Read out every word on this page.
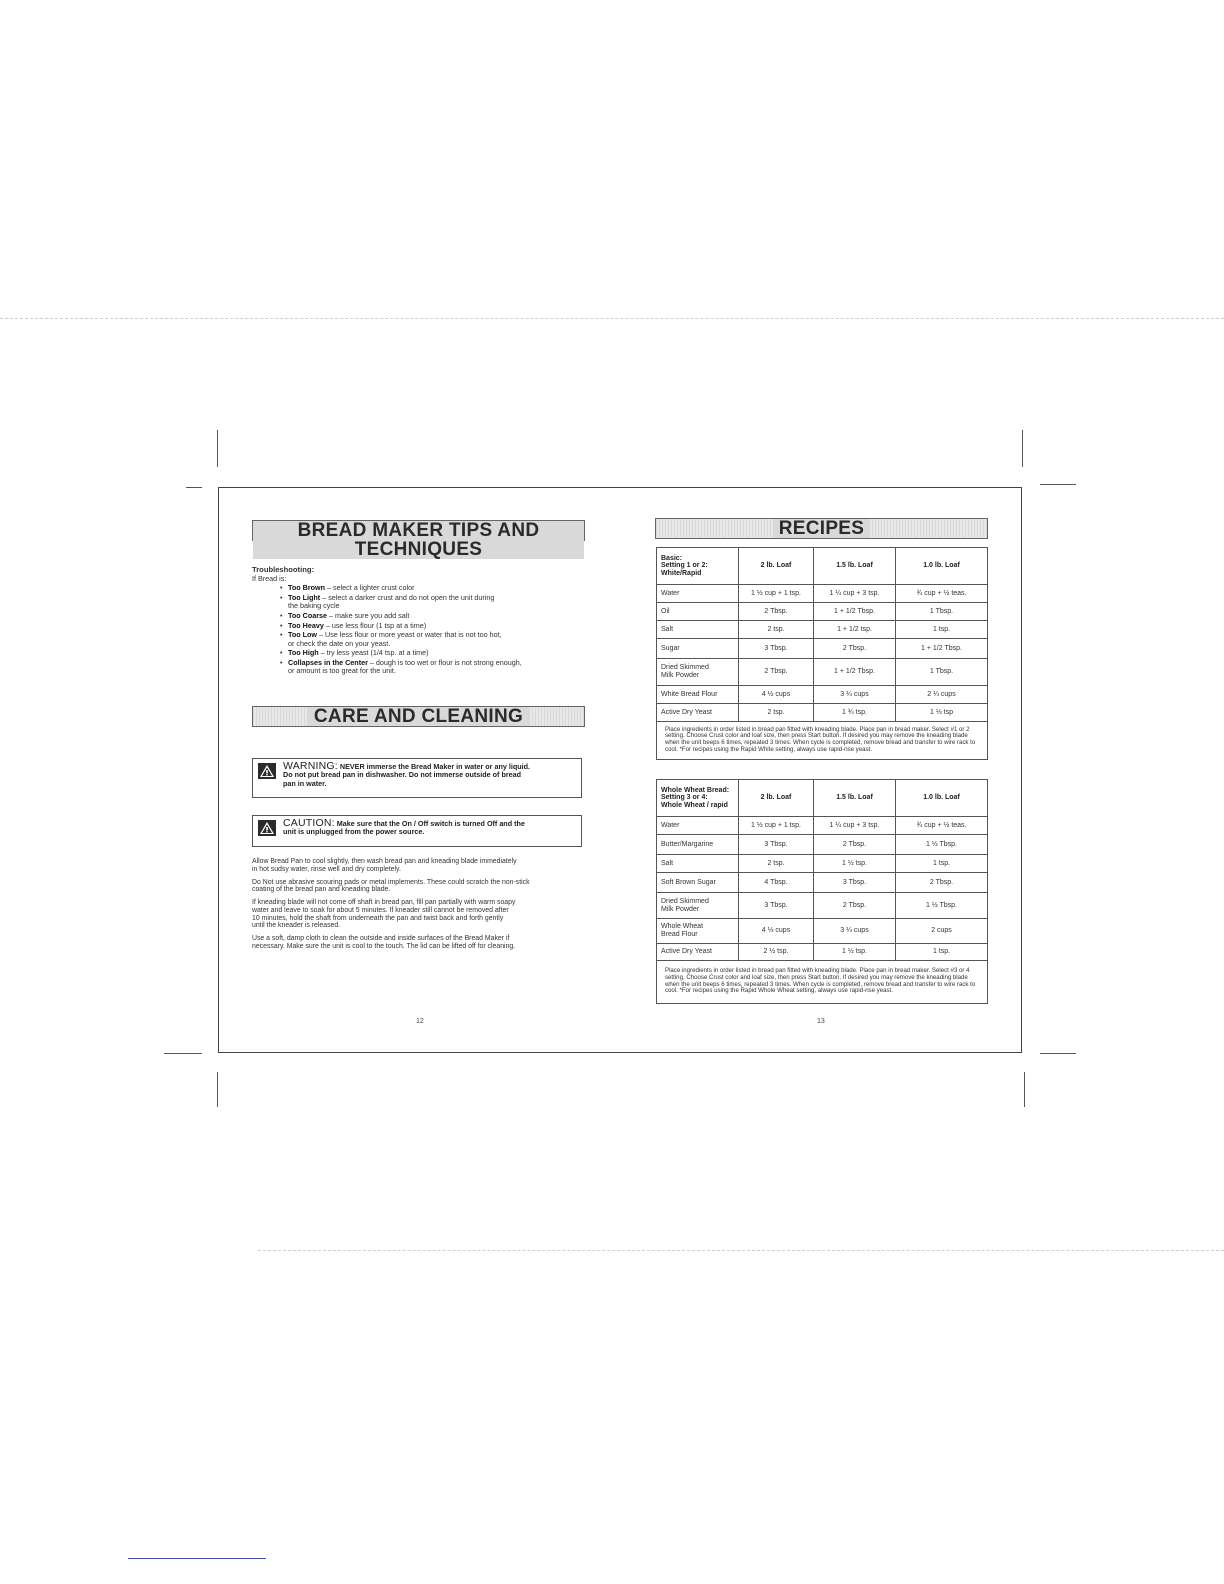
BREAD MAKER TIPS AND TECHNIQUES
Troubleshooting:
If Bread is:
• Too Brown – select a lighter crust color
• Too Light – select a darker crust and do not open the unit during
the baking cycle
• Too Coarse – make sure you add salt
• Too Heavy – use less flour (1 tsp at a time)
• Too Low – Use less flour or more yeast or water that is not too hot,
or check the date on your yeast.
• Too High – try less yeast (1/4 tsp. at a time)
• Collapses in the Center – dough is too wet or flour is not strong enough,
or amount is too great for the unit.
CARE AND CLEANING
WARNING: NEVER immerse the Bread Maker in water or any liquid.
Do not put bread pan in dishwasher. Do not immerse outside of bread
pan in water.
CAUTION: Make sure that the On / Off switch is turned Off and the
unit is unplugged from the power source.

Allow Bread Pan to cool slightly, then wash bread pan and kneading blade immediately
in hot sudsy water, rinse well and dry completely.

Do Not use abrasive scouring pads or metal implements. These could scratch the non-stick
coating of the bread pan and kneading blade.

If kneading blade will not come off shaft in bread pan, fill pan partially with warm soapy
water and leave to soak for about 5 minutes. If kneader still cannot be removed after
10 minutes, hold the shaft from underneath the pan and twist back and forth gently
until the kneader is released.

Use a soft, damp cloth to clean the outside and inside surfaces of the Bread Maker if
necessary. Make sure the unit is cool to the touch. The lid can be lifted off for cleaning.

12
RECIPES
Basic:
Setting 1 or 2:
White/Rapid	2 lb. Loaf	1.5 lb. Loaf	1.0 lb. Loaf
Water	1 ½ cup + 1 tsp.	1 ¼ cup + 3 tsp.	¾ cup + ½ teas.
Oil	2 Tbsp.	1 + 1/2 Tbsp.	1 Tbsp.
Salt	2 tsp.	1 + 1/2 tsp.	1 tsp.
Sugar	3 Tbsp.	2 Tbsp.	1 + 1/2 Tbsp.

Dried Skimmed
Milk Powder	2 Tbsp.	1 + 1/2 Tbsp.	1 Tbsp.
White Bread Flour	4 ½ cups	3 ¼ cups	2 ¼ cups
Active Dry Yeast	2 tsp.	1 ¾ tsp.	1 ⅓ tsp
Place ingredients in order listed in bread pan fitted with kneading blade. Place pan in bread maker. Select #1 or 2 setting. Choose Crust color and loaf size, then press Start button. If desired you may remove the kneading blade when the unit beeps 6 times, repeated 3 times. When cycle is completed, remove bread and transfer to wire rack to cool. *For recipes using the Rapid White setting, always use rapid-rise yeast.			
Whole Wheat Bread:
Setting 3 or 4:
Whole Wheat / rapid	2 lb. Loaf	1.5 lb. Loaf	1.0 lb. Loaf
Water	1 ½ cup + 1 tsp.	1 ¼ cup + 3 tsp.	¾ cup + ½ teas.
Butter/Margarine	3 Tbsp.	2 Tbsp.	1 ½ Tbsp.
Salt	2 tsp.	1 ½ tsp.	1 tsp.
Soft Brown Sugar	4 Tbsp.	3 Tbsp.	2 Tbsp.

Dried Skimmed
Milk Powder	3 Tbsp.	2 Tbsp.	1 ½ Tbsp.

Whole Wheat
Bread Flour	4 ⅓ cups	3 ¼ cups	2 cups
Active Dry Yeast	2 ½ tsp.	1 ½ tsp.	1 tsp.
Place ingredients in order listed in bread pan fitted with kneading blade. Place pan in bread maker. Select #3 or 4 setting. Choose Crust color and loaf size, then press Start button. If desired you may remove the kneading blade when the unit beeps 6 times, repeated 3 times. When cycle is completed, remove bread and transfer to wire rack to cool. *For recipes using the Rapid Whole Wheat setting, always use rapid-rise yeast.			
13
